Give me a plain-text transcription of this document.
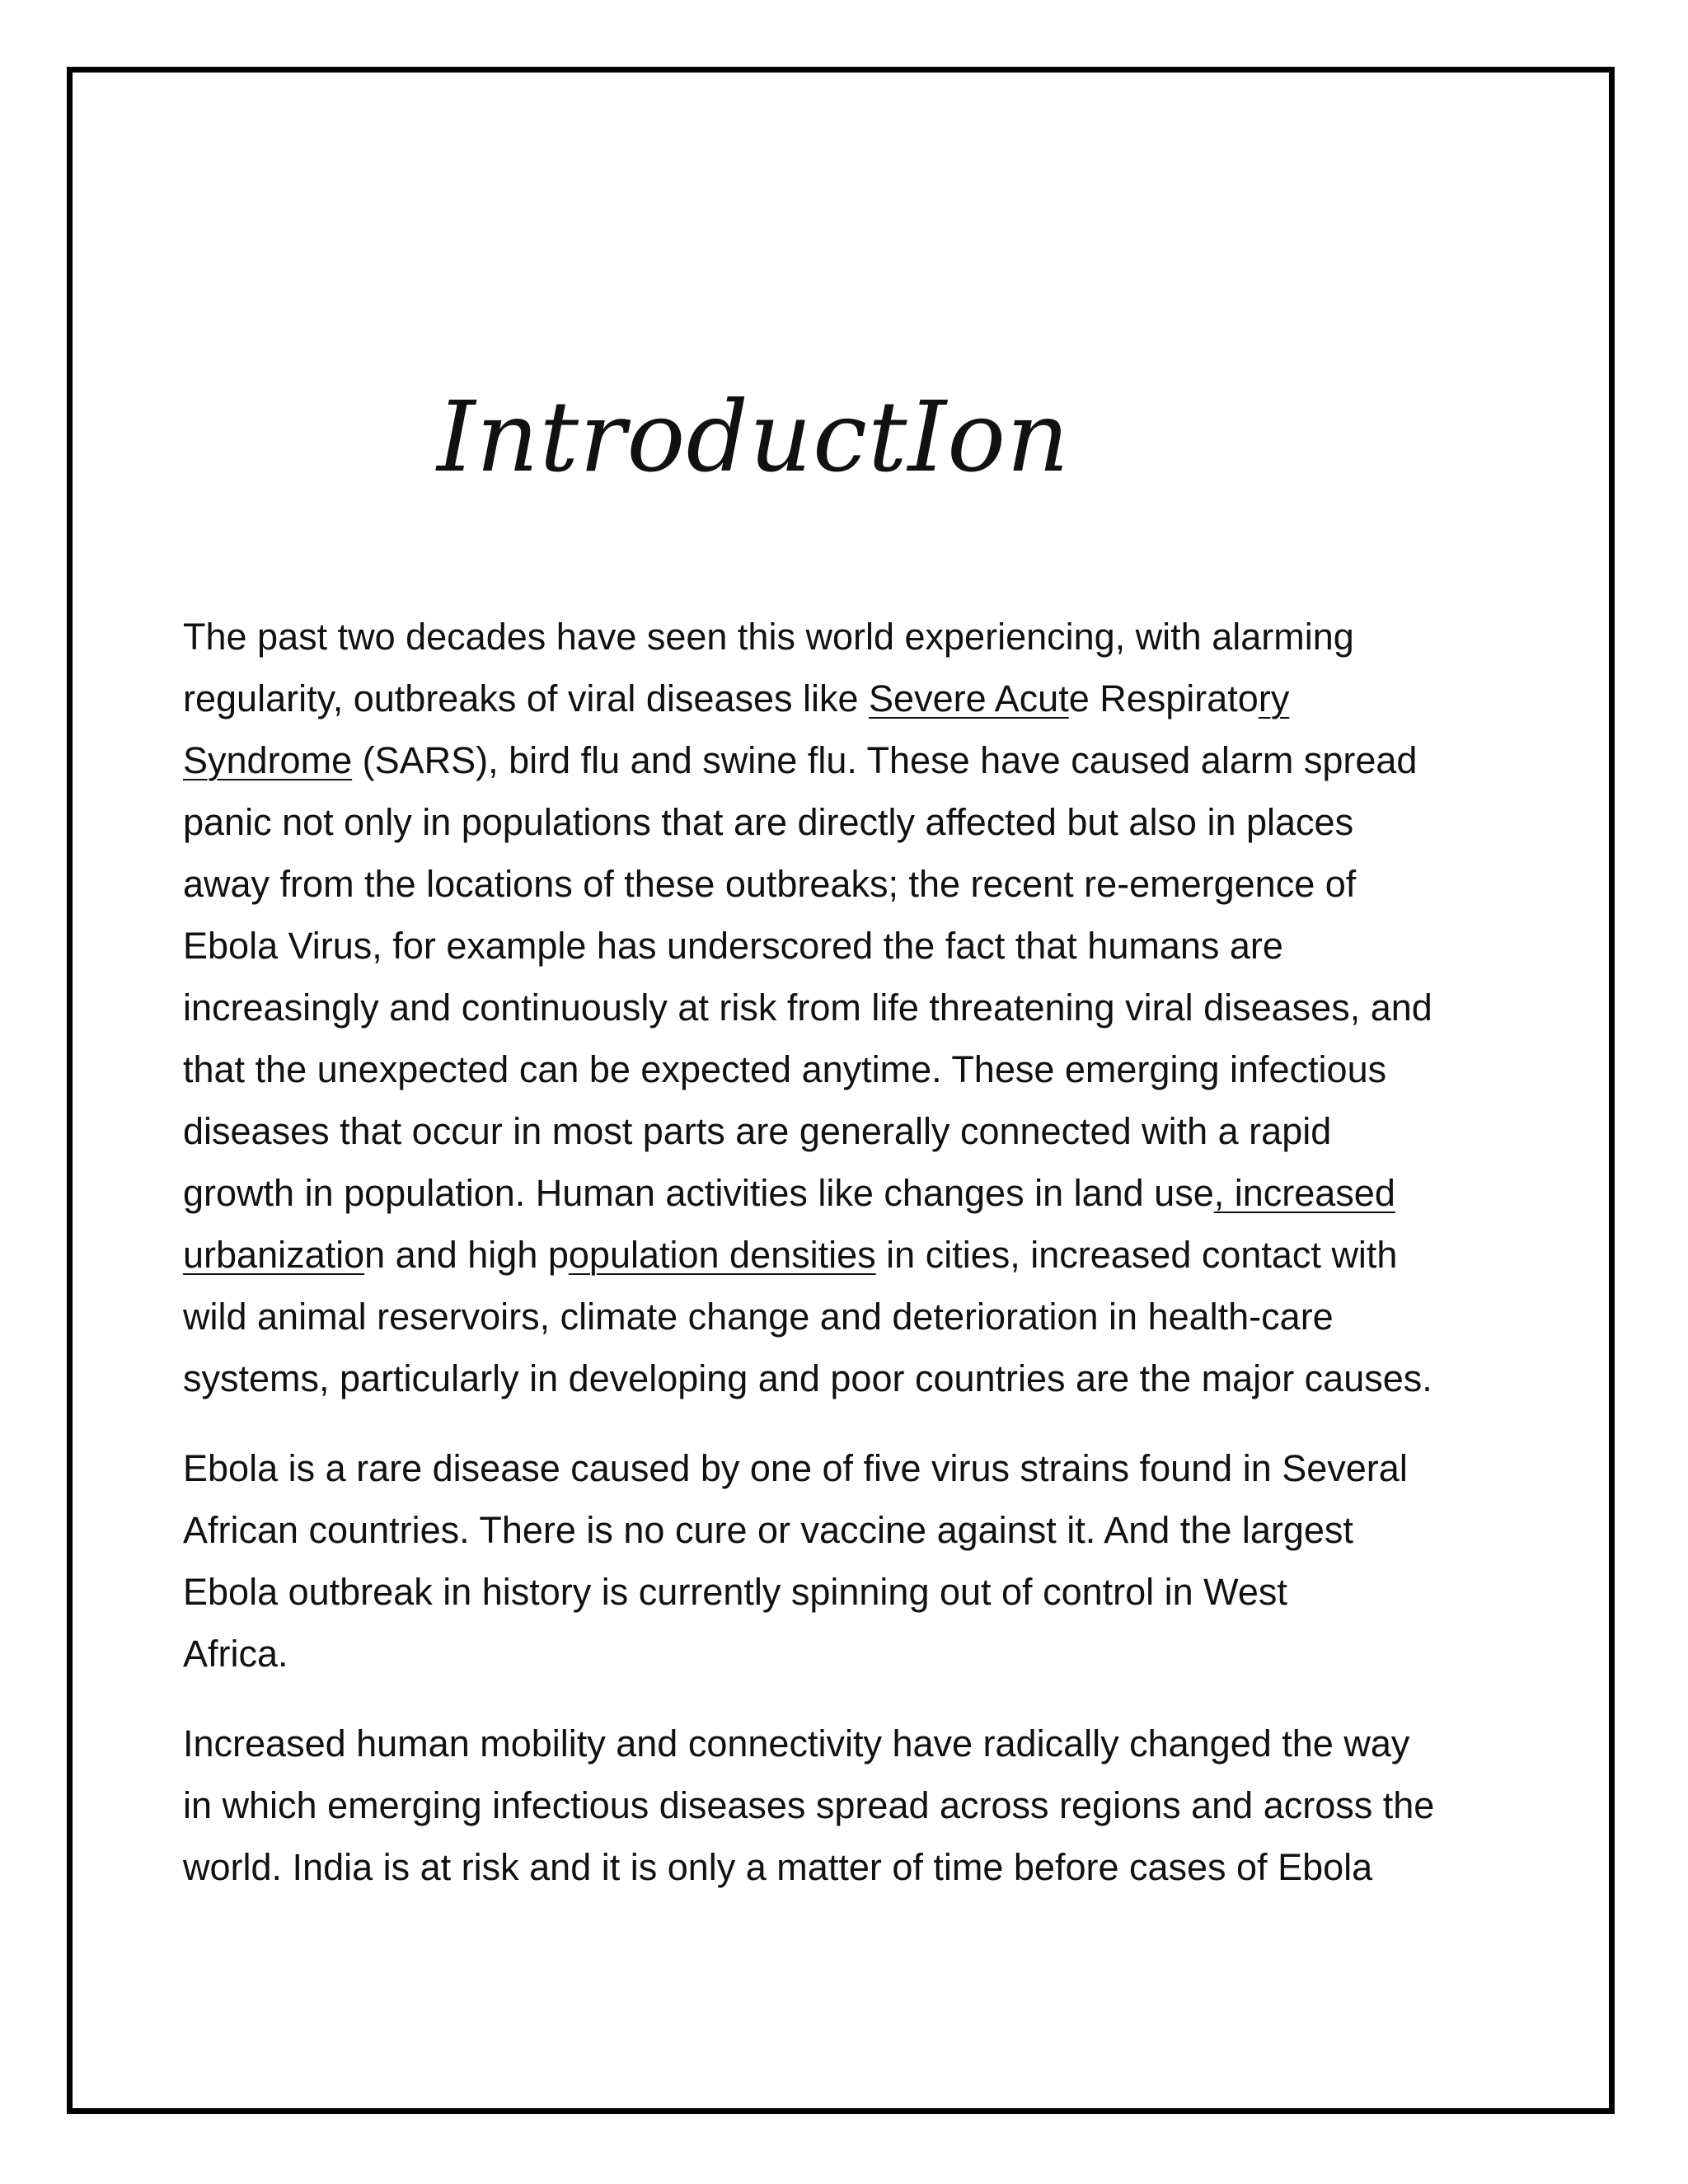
IntroductIon
The past two decades have seen this world experiencing, with alarming
regularity, outbreaks of viral diseases like Severe Acute Respiratory
Syndrome (SARS), bird flu and swine flu. These have caused alarm spread
panic not only in populations that are directly affected but also in places
away from the locations of these outbreaks; the recent re-emergence of
Ebola Virus, for example has underscored the fact that humans are
increasingly and continuously at risk from life threatening viral diseases, and
that the unexpected can be expected anytime. These emerging infectious
diseases that occur in most parts are generally connected with a rapid
growth in population. Human activities like changes in land use, increased
urbanization and high population densities in cities, increased contact with
wild animal reservoirs, climate change and deterioration in health-care
systems, particularly in developing and poor countries are the major causes.
Ebola is a rare disease caused by one of five virus strains found in Several
African countries. There is no cure or vaccine against it. And the largest
Ebola outbreak in history is currently spinning out of control in West
Africa.
Increased human mobility and connectivity have radically changed the way
in which emerging infectious diseases spread across regions and across the
world. India is at risk and it is only a matter of time before cases of Ebola
